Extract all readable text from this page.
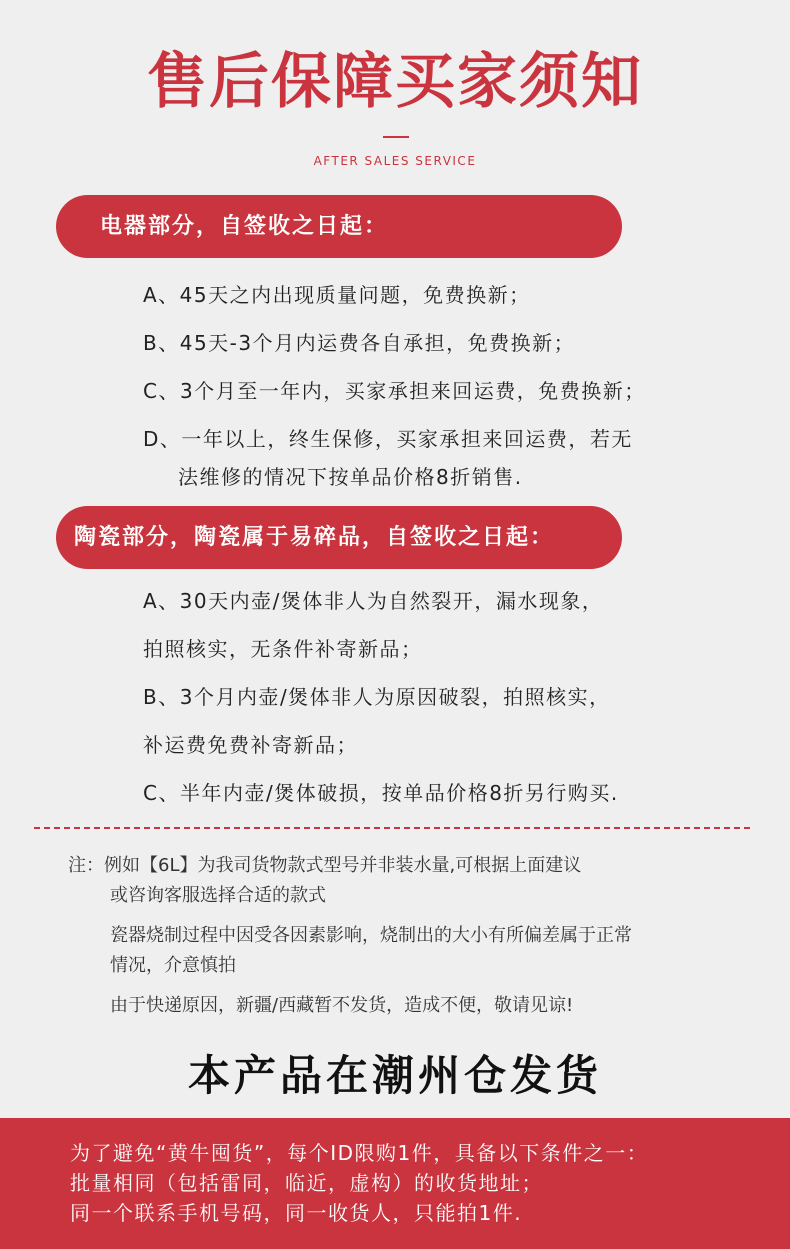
售后保障买家须知
AFTER SALES SERVICE
电器部分，自签收之日起：
A、45天之内出现质量问题，免费换新；
B、45天-3个月内运费各自承担，免费换新；
C、3个月至一年内，买家承担来回运费，免费换新；
D、一年以上，终生保修，买家承担来回运费，若无
法维修的情况下按单品价格8折销售.
陶瓷部分，陶瓷属于易碎品，自签收之日起：
A、30天内壶/煲体非人为自然裂开，漏水现象，
拍照核实，无条件补寄新品；
B、3个月内壶/煲体非人为原因破裂，拍照核实，
补运费免费补寄新品；
C、半年内壶/煲体破损，按单品价格8折另行购买.
注：例如【6L】为我司货物款式型号并非装水量,可根据上面建议
或咨询客服选择合适的款式
瓷器烧制过程中因受各因素影响，烧制出的大小有所偏差属于正常
情况，介意慎拍
由于快递原因，新疆/西藏暂不发货，造成不便，敬请见谅!
本产品在潮州仓发货
为了避免“黄牛囤货”，每个ID限购1件，具备以下条件之一：
批量相同（包括雷同，临近，虚构）的收货地址；
同一个联系手机号码，同一收货人，只能拍1件.
